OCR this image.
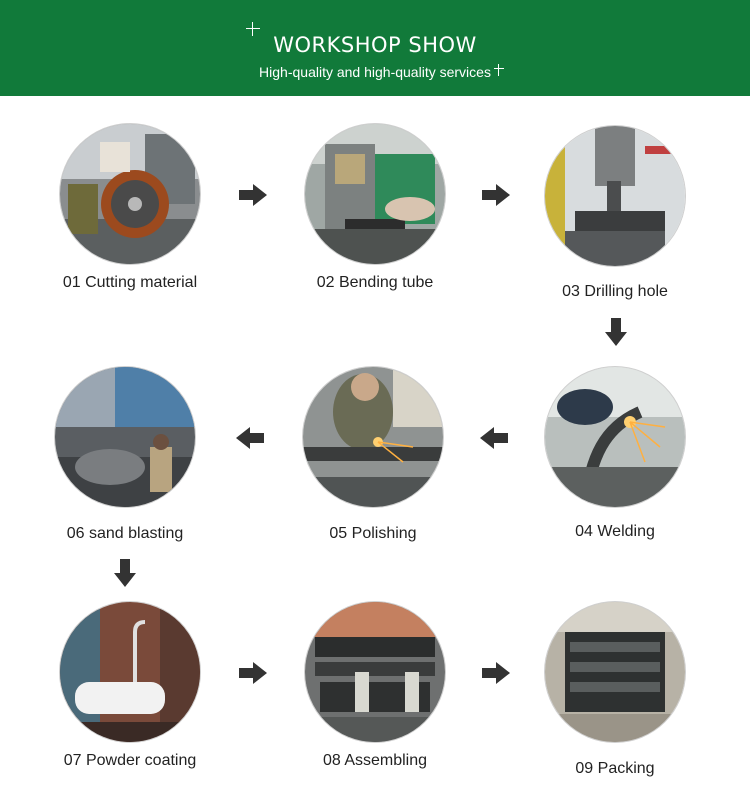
WORKSHOP SHOW
High-quality and high-quality services
01 Cutting material	02 Bending tube
03 Drilling hole
04 Welding
05 Polishing
06 sand blasting
07 Powder coating	08 Assembling	09 Packing
